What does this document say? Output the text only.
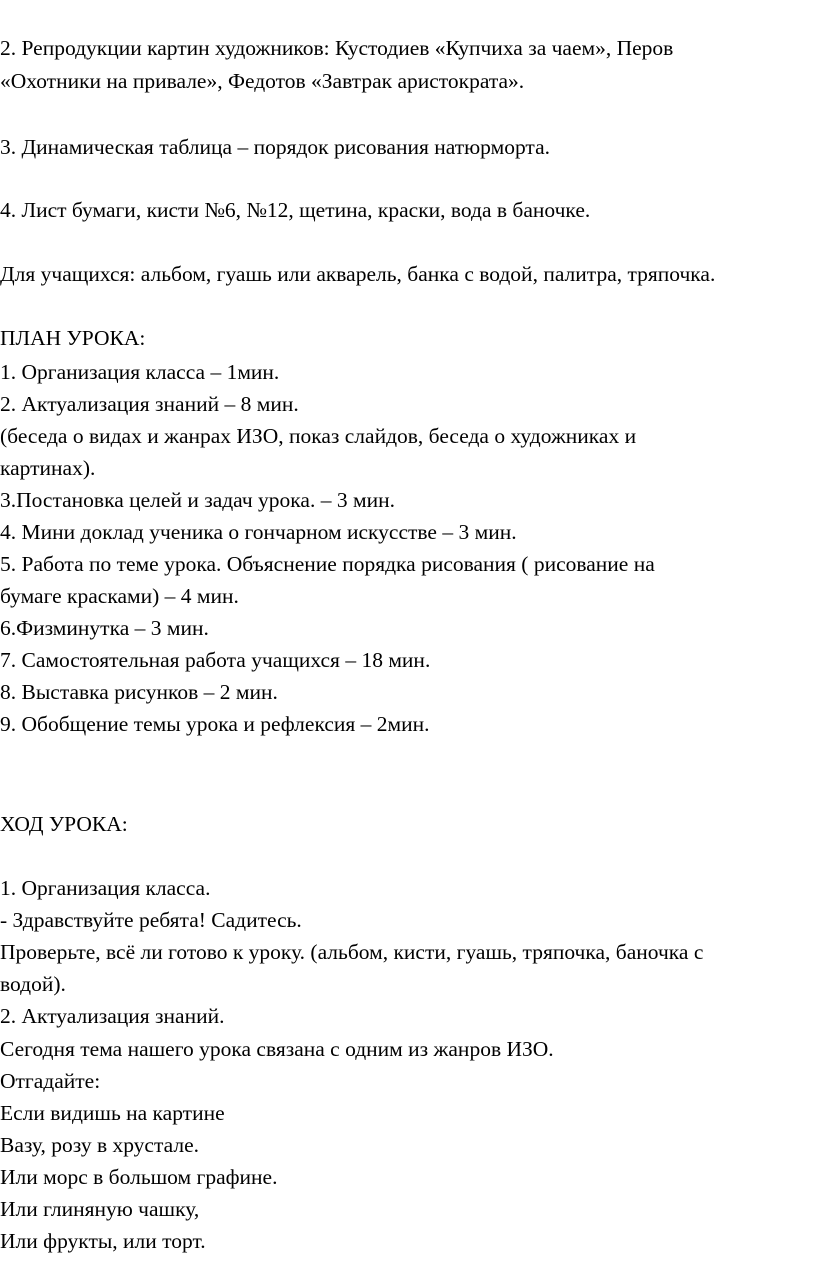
2. Репродукции картин художников: Кустодиев «Купчиха за чаем», Перов
«Охотники на привале», Федотов «Завтрак аристократа».
3. Динамическая таблица – порядок рисования натюрморта.
4. Лист бумаги, кисти №6, №12, щетина, краски, вода в баночке.
Для учащихся: альбом, гуашь или акварель, банка с водой, палитра, тряпочка.
ПЛАН УРОКА:
1. Организация класса – 1мин.
2. Актуализация знаний – 8 мин.
(беседа о видах и жанрах ИЗО, показ слайдов, беседа о художниках и
картинах).
3.Постановка целей и задач урока. – 3 мин.
4. Мини доклад ученика о гончарном искусстве – 3 мин.
5. Работа по теме урока. Объяснение порядка рисования ( рисование на
бумаге красками) – 4 мин.
6.Физминутка – 3 мин.
7. Самостоятельная работа учащихся – 18 мин.
8. Выставка рисунков – 2 мин.
9. Обобщение темы урока и рефлексия – 2мин.
ХОД УРОКА:
1. Организация класса.
- Здравствуйте ребята! Садитесь.
Проверьте, всё ли готово к уроку. (альбом, кисти, гуашь, тряпочка, баночка с
водой).
2. Актуализация знаний.
Сегодня тема нашего урока связана с одним из жанров ИЗО.
Отгадайте:
Если видишь на картине
Вазу, розу в хрустале.
Или морс в большом графине.
Или глиняную чашку,
Или фрукты, или торт.
